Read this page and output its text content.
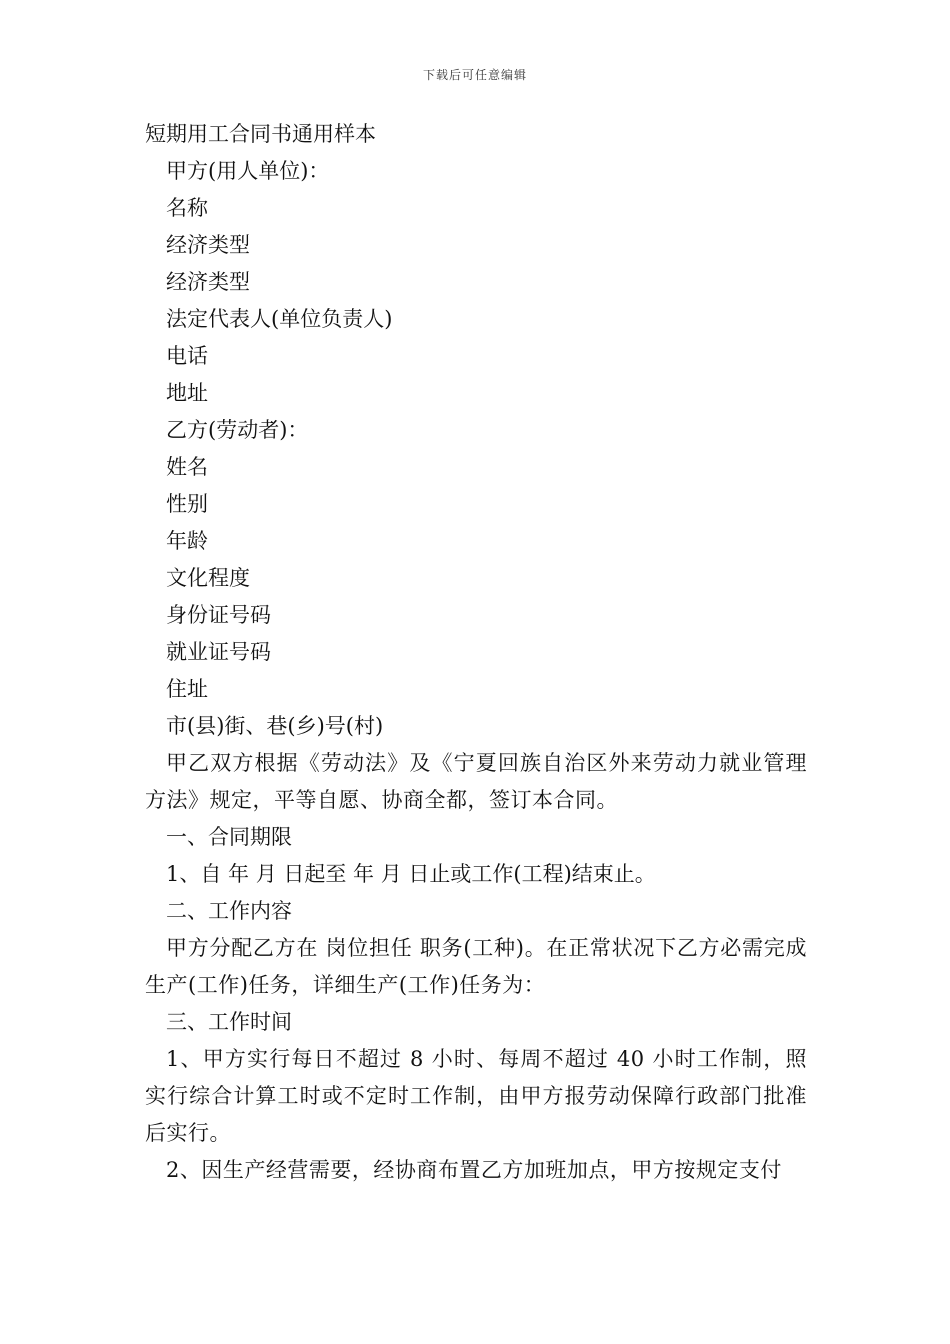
下载后可任意编辑
短期用工合同书通用样本
甲方(用人单位)：
名称
经济类型
经济类型
法定代表人(单位负责人)
电话
地址
乙方(劳动者)：
姓名
性别
年龄
文化程度
身份证号码
就业证号码
住址
市(县)街、巷(乡)号(村)
甲乙双方根据《劳动法》及《宁夏回族自治区外来劳动力就业管理方法》规定，平等自愿、协商全都，签订本合同。
一、合同期限
1、自 年 月 日起至 年 月 日止或工作(工程)结束止。
二、工作内容
甲方分配乙方在 岗位担任 职务(工种)。在正常状况下乙方必需完成生产(工作)任务，详细生产(工作)任务为：
三、工作时间
1、甲方实行每日不超过 8 小时、每周不超过 40 小时工作制，照实行综合计算工时或不定时工作制，由甲方报劳动保障行政部门批准后实行。
2、因生产经营需要，经协商布置乙方加班加点，甲方按规定支付
